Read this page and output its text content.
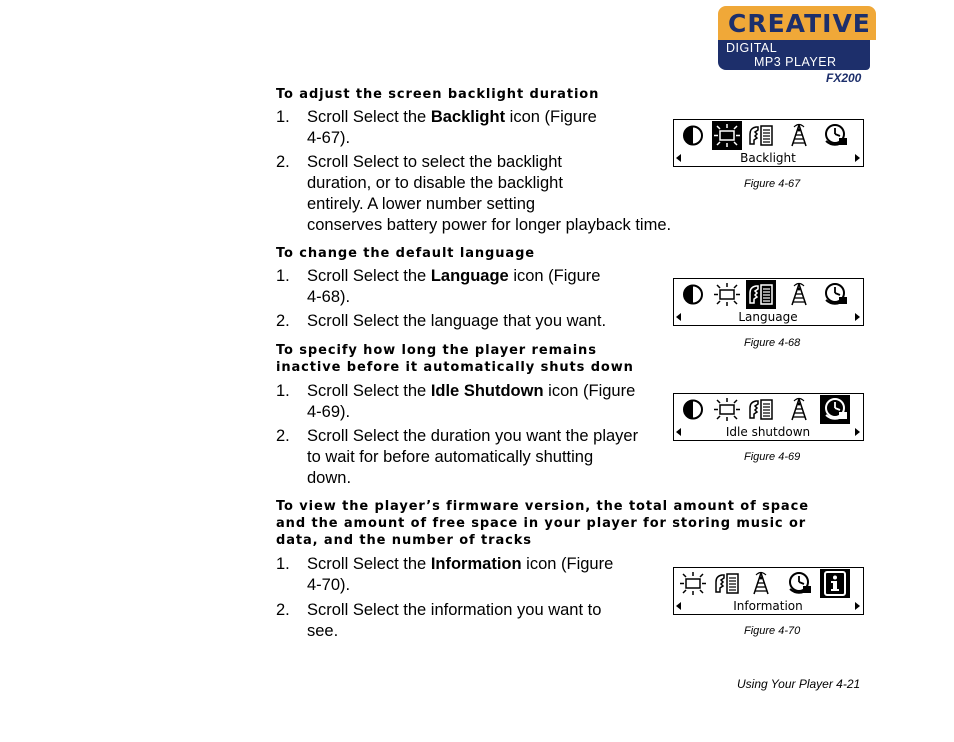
CREATIVE
DIGITAL
MP3 PLAYER
FX200
To adjust the screen backlight duration
1. Scroll Select the Backlight icon (Figure
4-67).
2. Scroll Select to select the backlight
duration, or to disable the backlight
entirely. A lower number setting
conserves battery power for longer playback time.
Backlight
Figure 4-67
To change the default language
1. Scroll Select the Language icon (Figure
4-68).
2. Scroll Select the language that you want.	Language
Figure 4-68
To specify how long the player remains
inactive before it automatically shuts down
1. Scroll Select the Idle Shutdown icon (Figure
4-69).
2. Scroll Select the duration you want the player
to wait for before automatically shutting
down.
Idle shutdown
Figure 4-69
To view the player’s firmware version, the total amount of space
and the amount of free space in your player for storing music or
data, and the number of tracks
1. Scroll Select the Information icon (Figure
4-70).
2. Scroll Select the information you want to
see.
Information
Figure 4-70
Using Your Player 4-21
